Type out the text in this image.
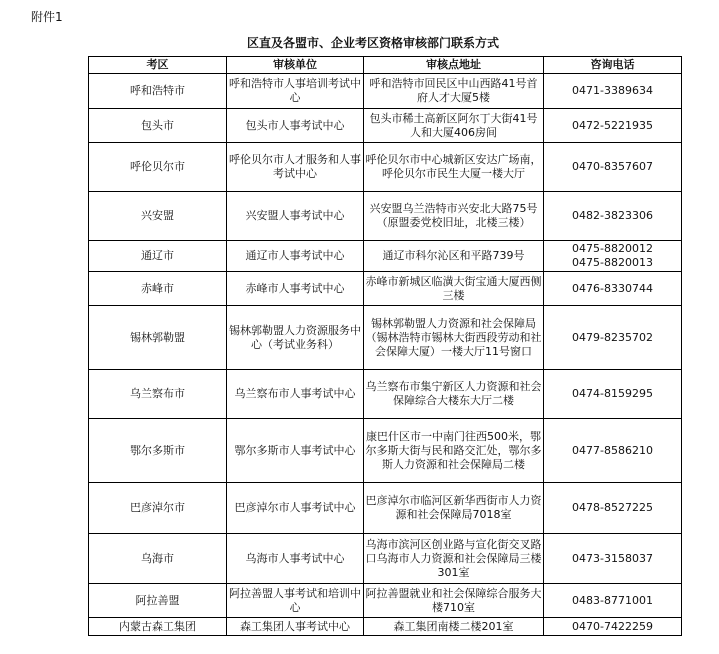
附件1
区直及各盟市、企业考区资格审核部门联系方式
考区	审核单位	审核点地址	咨询电话
呼和浩特市	呼和浩特市人事培训考试中心	呼和浩特市回民区中山西路41号首府人才大厦5楼	0471-3389634

包头市	包头市人事考试中心	包头市稀土高新区阿尔丁大街41号人和大厦406房间	0472-5221935

呼伦贝尔市	呼伦贝尔市人才服务和人事考试中心	呼伦贝尔市中心城新区安达广场南，呼伦贝尔市民生大厦一楼大厅	0470-8357607

兴安盟	兴安盟人事考试中心	兴安盟乌兰浩特市兴安北大路75号（原盟委党校旧址，北楼三楼）	0482-3823306

通辽市	通辽市人事考试中心	通辽市科尔沁区和平路739号	0475-8820012
0475-8820013

赤峰市	赤峰市人事考试中心	赤峰市新城区临潢大街宝通大厦西侧三楼	0476-8330744

锡林郭勒盟	锡林郭勒盟人力资源服务中心（考试业务科）	锡林郭勒盟人力资源和社会保障局（锡林浩特市锡林大街西段劳动和社会保障大厦）一楼大厅11号窗口	0479-8235702

乌兰察布市	乌兰察布市人事考试中心	乌兰察布市集宁新区人力资源和社会保障综合大楼东大厅二楼	0474-8159295

鄂尔多斯市	鄂尔多斯市人事考试中心	康巴什区市一中南门往西500米，鄂尔多斯大街与民和路交汇处，鄂尔多斯人力资源和社会保障局二楼	0477-8586210

巴彦淖尔市	巴彦淖尔市人事考试中心	巴彦淖尔市临河区新华西街市人力资源和社会保障局7018室	0478-8527225

乌海市	乌海市人事考试中心	乌海市滨河区创业路与宣化街交叉路口乌海市人力资源和社会保障局三楼301室	0473-3158037

阿拉善盟	阿拉善盟人事考试和培训中心	阿拉善盟就业和社会保障综合服务大楼710室	0483-8771001

内蒙古森工集团	森工集团人事考试中心	森工集团南楼二楼201室	0470-7422259
